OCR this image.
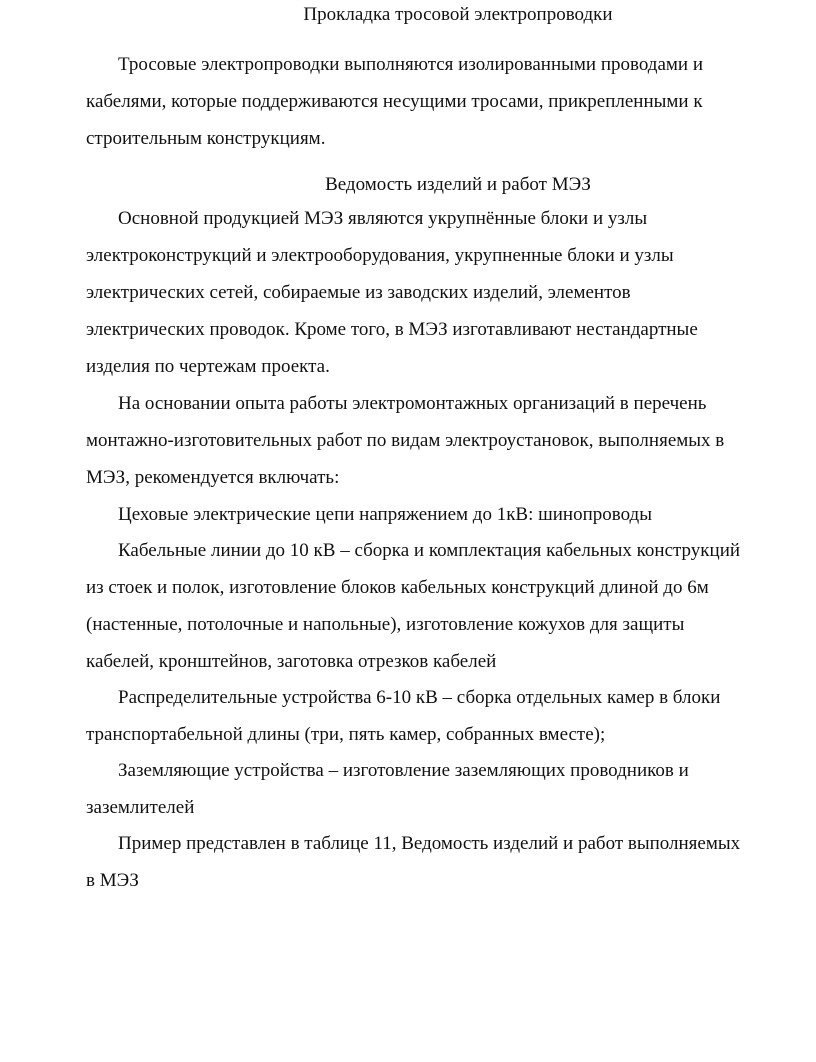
Прокладка тросовой электропроводки
Тросовые электропроводки выполняются изолированными проводами и
кабелями, которые поддерживаются несущими тросами, прикрепленными к
строительным конструкциям.
Ведомость изделий и работ МЭЗ
Основной продукцией МЭЗ являются укрупнённые блоки и узлы
электроконструкций и электрооборудования, укрупненные блоки и узлы
электрических сетей, собираемые из заводских изделий, элементов
электрических проводок. Кроме того, в МЭЗ изготавливают нестандартные
изделия по чертежам проекта.
На основании опыта работы электромонтажных организаций в перечень
монтажно-изготовительных работ по видам электроустановок, выполняемых в
МЭЗ, рекомендуется включать:
Цеховые электрические цепи напряжением до 1кВ: шинопроводы
Кабельные линии до 10 кВ – сборка и комплектация кабельных конструкций
из стоек и полок, изготовление блоков кабельных конструкций длиной до 6м
(настенные, потолочные и напольные), изготовление кожухов для защиты
кабелей, кронштейнов, заготовка отрезков кабелей
Распределительные устройства 6-10 кВ – сборка отдельных камер в блоки
транспортабельной длины (три, пять камер, собранных вместе);
Заземляющие устройства – изготовление заземляющих проводников и
заземлителей
Пример представлен в таблице 11, Ведомость изделий и работ выполняемых
в МЭЗ
